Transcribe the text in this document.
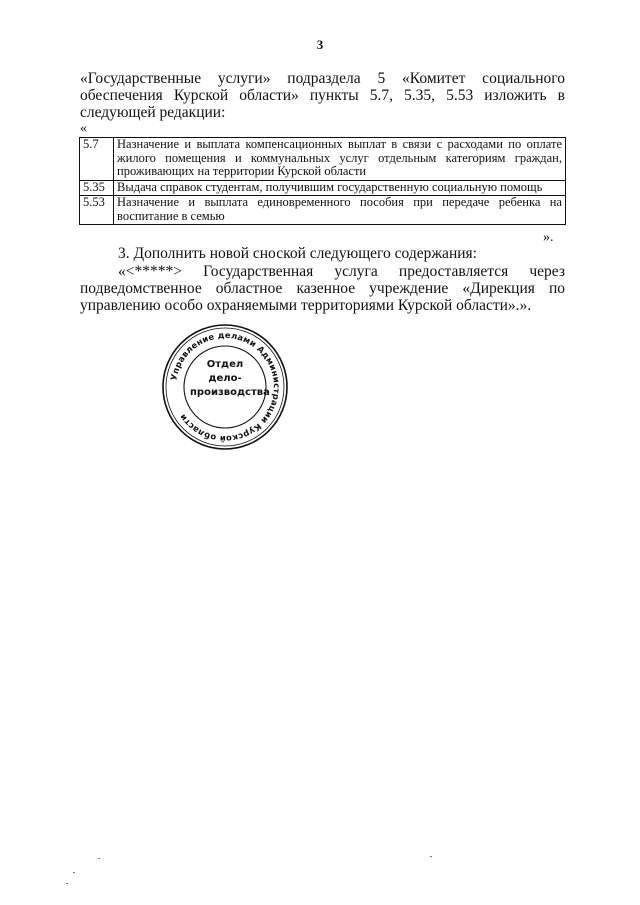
3
«Государственные услуги» подраздела 5 «Комитет социального обеспечения Курской области» пункты 5.7, 5.35, 5.53 изложить в следующей редакции:
«
5.7	Назначение и выплата компенсационных выплат в связи с расходами по оплате жилого помещения и коммунальных услуг отдельным категориям граждан, проживающих на территории Курской области
5.35	Выдача справок студентам, получившим государственную социальную помощь
5.53	Назначение и выплата единовременного пособия при передаче ребенка на воспитание в семью
».
3. Дополнить новой сноской следующего содержания:
«<*****> Государственная услуга предоставляется через подведомственное областное казенное учреждение «Дирекция по управлению особо охраняемыми территориями Курской области».».
Управление делами Администрации Курской области
Отдел
дело-
производства
